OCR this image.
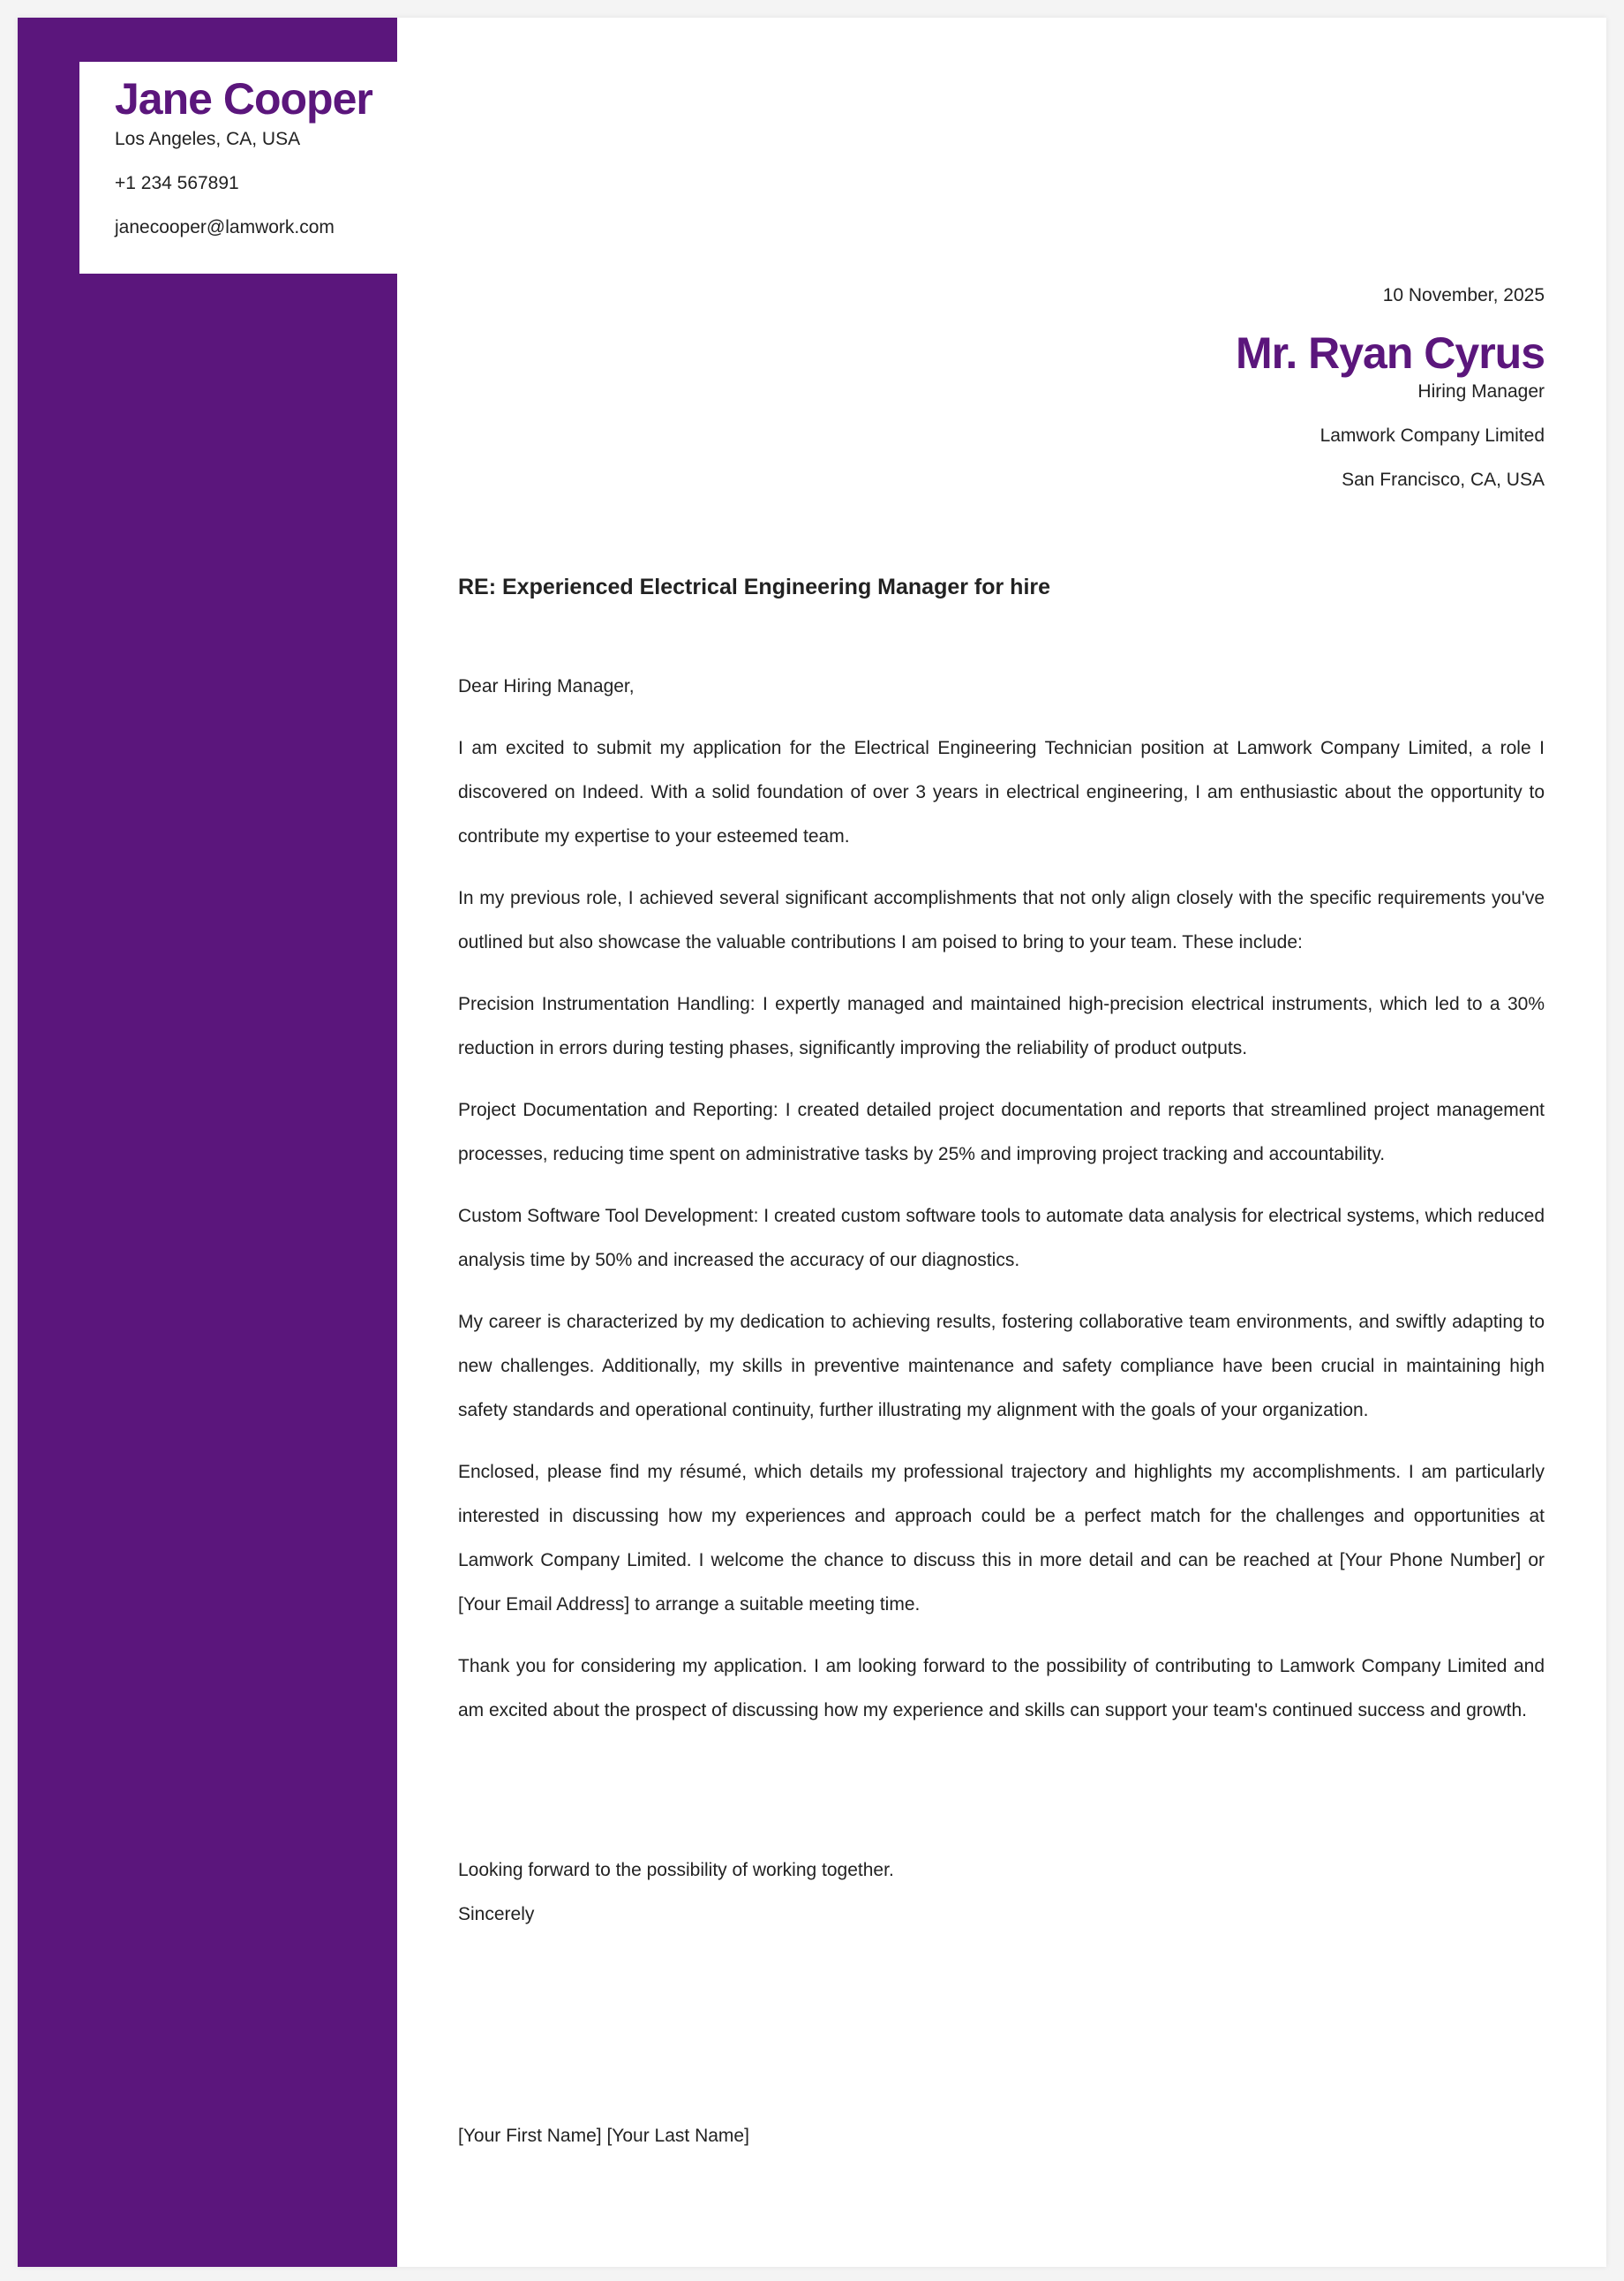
Jane Cooper
Los Angeles, CA, USA
+1 234 567891
janecooper@lamwork.com
10 November, 2025
Mr. Ryan Cyrus
Hiring Manager
Lamwork Company Limited
San Francisco, CA, USA
RE: Experienced Electrical Engineering Manager for hire

Dear Hiring Manager,

I am excited to submit my application for the Electrical Engineering Technician position at Lamwork Company Limited, a role I discovered on Indeed. With a solid foundation of over 3 years in electrical engineering, I am enthusiastic about the opportunity to contribute my expertise to your esteemed team.

In my previous role, I achieved several significant accomplishments that not only align closely with the specific requirements you've outlined but also showcase the valuable contributions I am poised to bring to your team. These include:

Precision Instrumentation Handling: I expertly managed and maintained high-precision electrical instruments, which led to a 30% reduction in errors during testing phases, significantly improving the reliability of product outputs.

Project Documentation and Reporting: I created detailed project documentation and reports that streamlined project management processes, reducing time spent on administrative tasks by 25% and improving project tracking and accountability.

Custom Software Tool Development: I created custom software tools to automate data analysis for electrical systems, which reduced analysis time by 50% and increased the accuracy of our diagnostics.

My career is characterized by my dedication to achieving results, fostering collaborative team environments, and swiftly adapting to new challenges. Additionally, my skills in preventive maintenance and safety compliance have been crucial in maintaining high safety standards and operational continuity, further illustrating my alignment with the goals of your organization.

Enclosed, please find my résumé, which details my professional trajectory and highlights my accomplishments. I am particularly interested in discussing how my experiences and approach could be a perfect match for the challenges and opportunities at Lamwork Company Limited. I welcome the chance to discuss this in more detail and can be reached at [Your Phone Number] or [Your Email Address] to arrange a suitable meeting time.

Thank you for considering my application. I am looking forward to the possibility of contributing to Lamwork Company Limited and am excited about the prospect of discussing how my experience and skills can support your team's continued success and growth.

Looking forward to the possibility of working together.
Sincerely
[Your First Name] [Your Last Name]
